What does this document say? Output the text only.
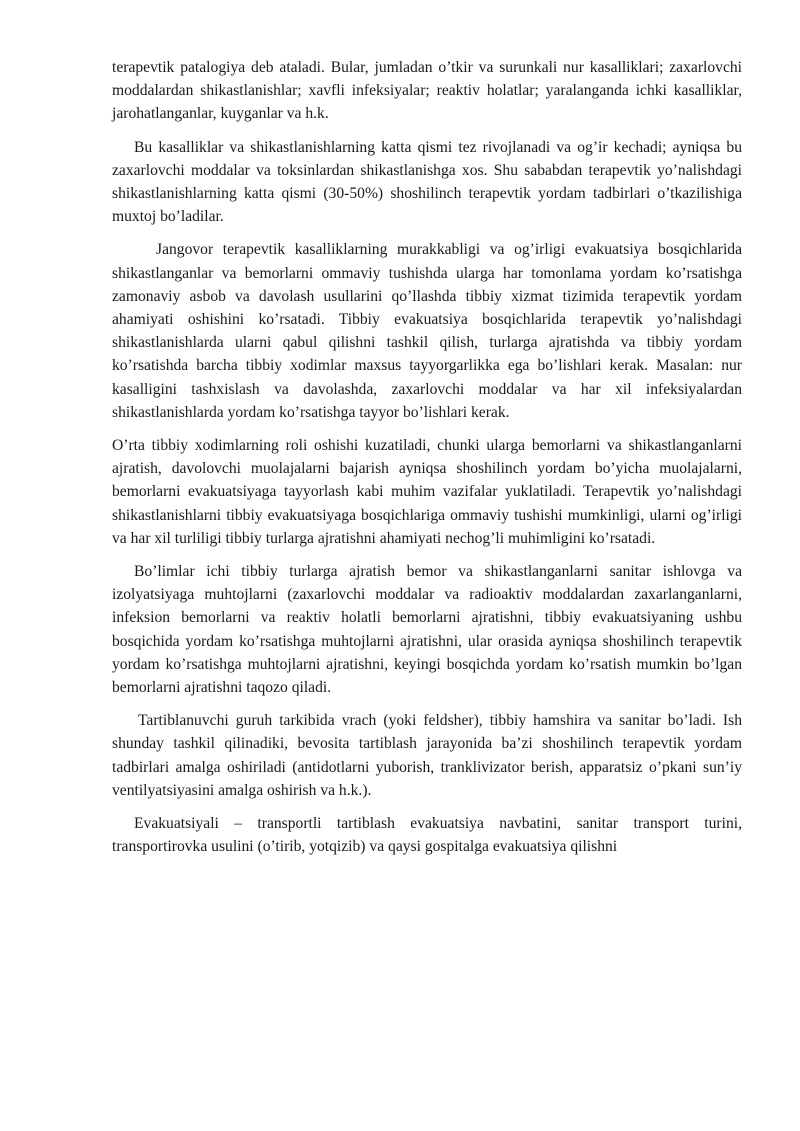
terapevtik patalogiya deb ataladi. Bular, jumladan o’tkir va surunkali nur kasalliklari; zaxarlovchi moddalardan shikastlanishlar; xavfli infeksiyalar; reaktiv holatlar; yaralanganda ichki kasalliklar, jarohatlanganlar, kuyganlar va h.k.

Bu kasalliklar va shikastlanishlarning katta qismi tez rivojlanadi va og’ir kechadi; ayniqsa bu zaxarlovchi moddalar va toksinlardan shikastlanishga xos. Shu sababdan terapevtik yo’nalishdagi shikastlanishlarning katta qismi (30-50%) shoshilinch terapevtik yordam tadbirlari o’tkazilishiga muxtoj bo’ladilar.

Jangovor terapevtik kasalliklarning murakkabligi va og’irligi evakuatsiya bosqichlarida shikastlanganlar va bemorlarni ommaviy tushishda ularga har tomonlama yordam ko’rsatishga zamonaviy asbob va davolash usullarini qo’llashda tibbiy xizmat tizimida terapevtik yordam ahamiyati oshishini ko’rsatadi. Tibbiy evakuatsiya bosqichlarida terapevtik yo’nalishdagi shikastlanishlarda ularni qabul qilishni tashkil qilish, turlarga ajratishda va tibbiy yordam ko’rsatishda barcha tibbiy xodimlar maxsus tayyorgarlikka ega bo’lishlari kerak. Masalan: nur kasalligini tashxislash va davolashda, zaxarlovchi moddalar va har xil infeksiyalardan shikastlanishlarda yordam ko’rsatishga tayyor bo’lishlari kerak.

O’rta tibbiy xodimlarning roli oshishi kuzatiladi, chunki ularga bemorlarni va shikastlanganlarni ajratish, davolovchi muolajalarni bajarish ayniqsa shoshilinch yordam bo’yicha muolajalarni, bemorlarni evakuatsiyaga tayyorlash kabi muhim vazifalar yuklatiladi. Terapevtik yo’nalishdagi shikastlanishlarni tibbiy evakuatsiyaga bosqichlariga ommaviy tushishi mumkinligi, ularni og’irligi va har xil turliligi tibbiy turlarga ajratishni ahamiyati nechog’li muhimligini ko’rsatadi.

Bo’limlar ichi tibbiy turlarga ajratish bemor va shikastlanganlarni sanitar ishlovga va izolyatsiyaga muhtojlarni (zaxarlovchi moddalar va radioaktiv moddalardan zaxarlanganlarni, infeksion bemorlarni va reaktiv holatli bemorlarni ajratishni, tibbiy evakuatsiyaning ushbu bosqichida yordam ko’rsatishga muhtojlarni ajratishni, ular orasida ayniqsa shoshilinch terapevtik yordam ko’rsatishga muhtojlarni ajratishni, keyingi bosqichda yordam ko’rsatish mumkin bo’lgan bemorlarni ajratishni taqozo qiladi.

Tartiblanuvchi guruh tarkibida vrach (yoki feldsher), tibbiy hamshira va sanitar bo’ladi. Ish shunday tashkil qilinadiki, bevosita tartiblash jarayonida ba’zi shoshilinch terapevtik yordam tadbirlari amalga oshiriladi (antidotlarni yuborish, tranklivizator berish, apparatsiz o’pkani sun’iy ventilyatsiyasini amalga oshirish va h.k.).

Evakuatsiyali – transportli tartiblash evakuatsiya navbatini, sanitar transport turini, transportirovka usulini (o’tirib, yotqizib) va qaysi gospitalga evakuatsiya qilishni
